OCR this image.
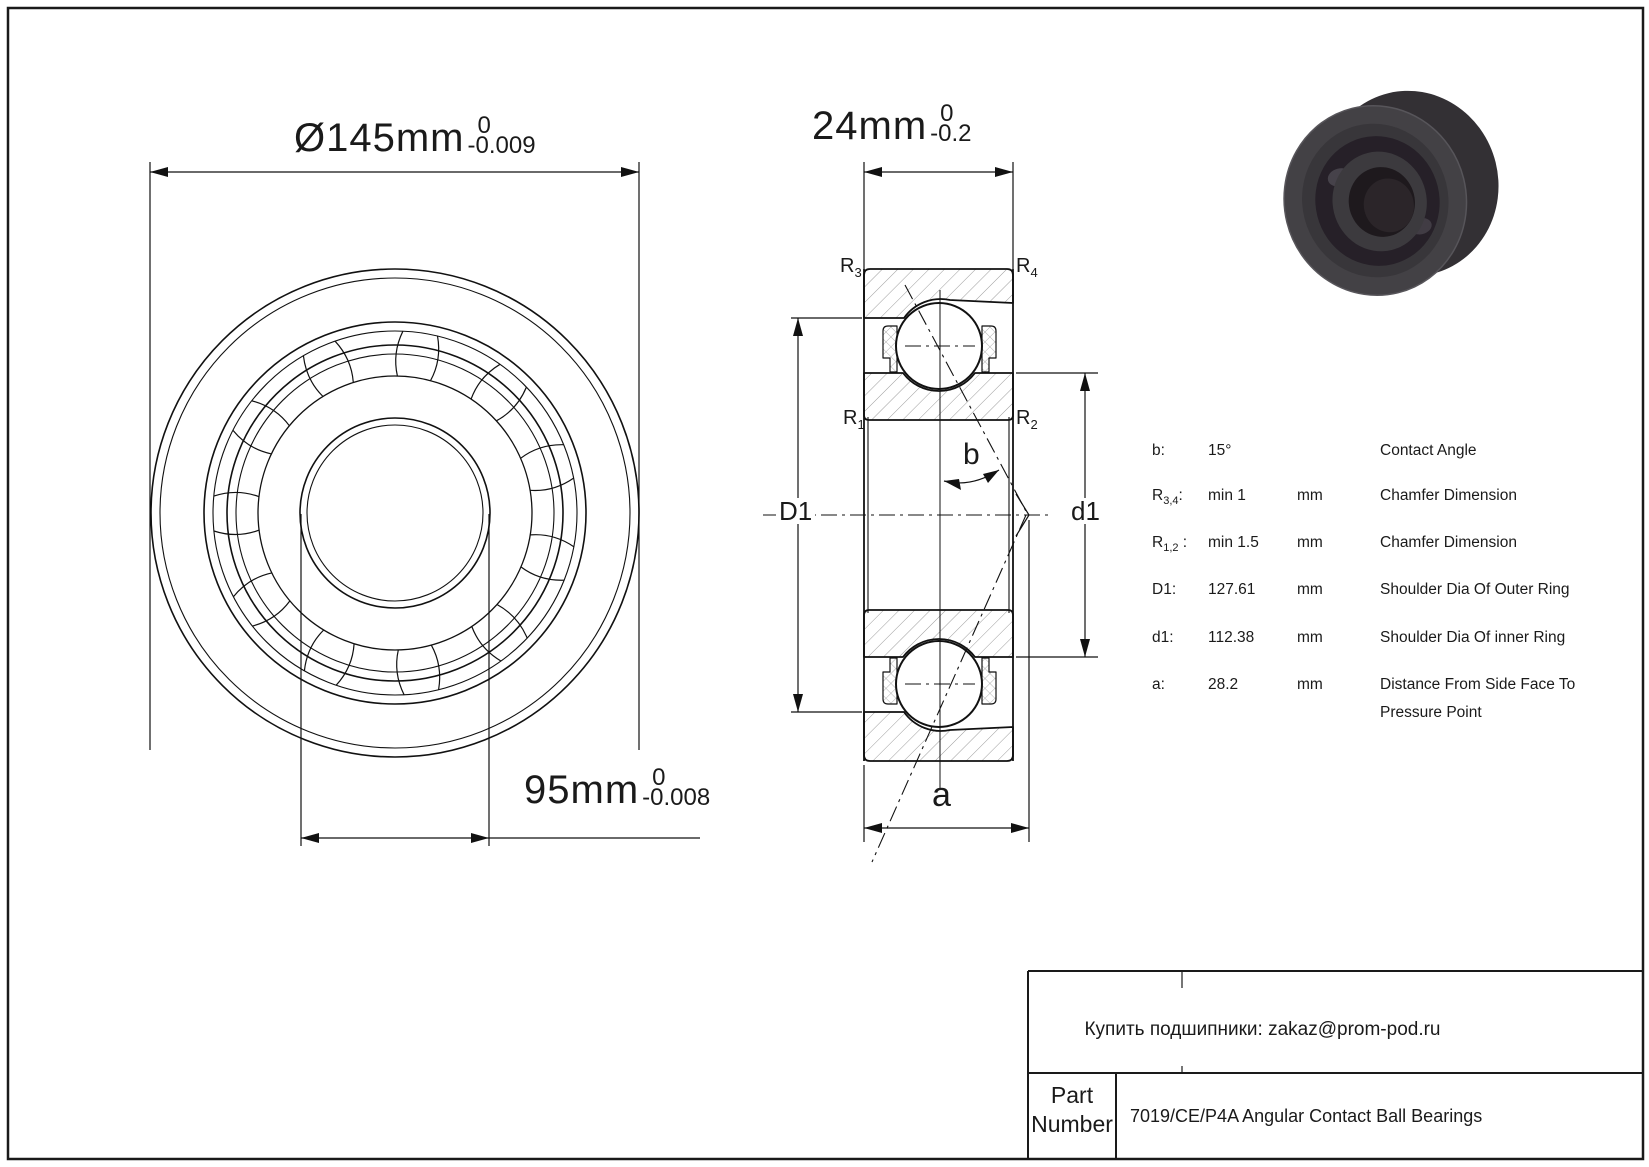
Ø145mm 0
-0.009	24mm 0
-0.2
95mm 0
-0.008
$R_3$	$R_4$
$R_1$	$R_2$
D1	d1
b
a
b:	15°	Contact Angle
$R_{3,4}$: min 1	mm	Chamfer Dimension
$R_{1,2}$ : min 1.5 mm	Chamfer Dimension
D1: 127.61	mm	Shoulder Dia Of Outer Ring
d1: 112.38	mm	Shoulder Dia Of inner Ring
a:	28.2	mm	Distance From Side Face To Pressure Point
Купить подшипники: zakaz@prom-pod.ru
Part
Number 7019/CE/P4A Angular Contact Ball Bearings
